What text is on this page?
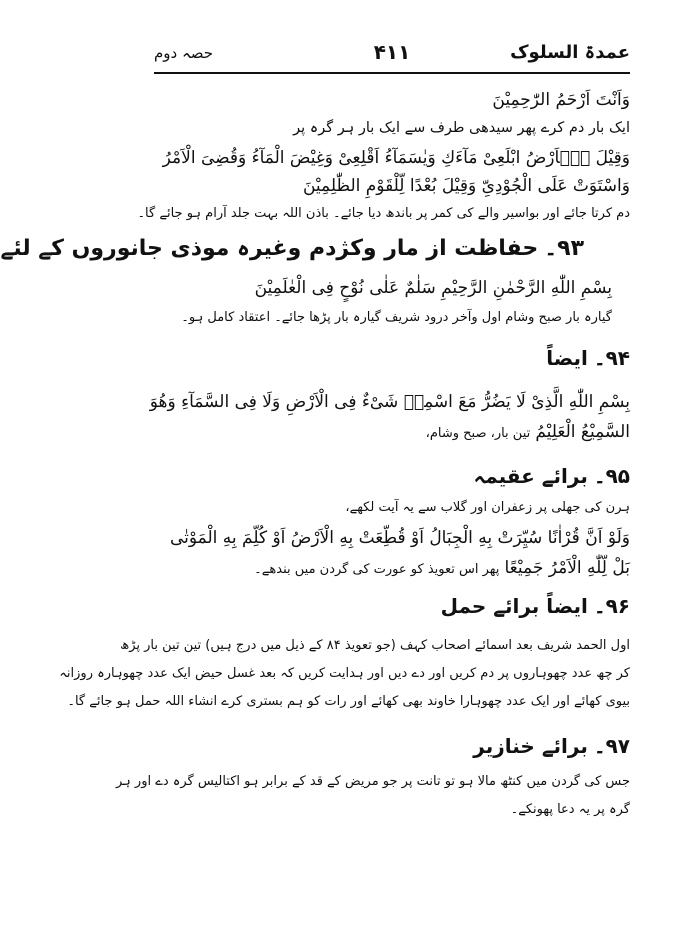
عمدۃ السلوک
۴۱۱
حصہ دوم
وَاَنْتَ اَرْحَمُ الرّٰحِمِیْنَ
ایک بار دم کرے پھر سیدھی طرف سے ایک بار ہر گرہ پر
وَقِیْلَ یٰۤاَرْضُ ابْلَعِیْ مَآءَكِ وَیٰسَمَآءُ اَقْلِعِیْ وَغِیْضَ الْمَآءُ وَقُضِیَ الْاَمْرُ
وَاسْتَوَتْ عَلَی الْجُوْدِیِّ وَقِیْلَ بُعْدًا لِّلْقَوْمِ الظّٰلِمِیْنَ
دم کرتا جائے اور بواسیر والے کی کمر پر باندھ دیا جائے۔ باذن اللہ بہت جلد آرام ہو جائے گا۔
۹۳۔حفاظت از مار وکژدم وغیرہ موذی جانوروں کے لئے
بِسْمِ اللّٰهِ الرَّحْمٰنِ الرَّحِیْمِ سَلٰمٌ عَلٰی نُوْحٍ فِی الْعٰلَمِیْنَ
گیارہ بار صبح وشام اول وآخر درود شریف گیارہ بار پڑھا جائے۔ اعتقاد کامل ہو۔
۹۴۔ایضاً
بِسْمِ اللّٰهِ الَّذِیْ لَا یَضُرُّ مَعَ اسْمِهٖ شَیْءٌ فِی الْاَرْضِ وَلَا فِی السَّمَآءِ وَهُوَ
السَّمِیْعُ الْعَلِیْمُ تین بار، صبح وشام،
۹۵۔برائے عقیمہ
ہرن کی جھلی پر زعفران اور گلاب سے یہ آیت لکھے،
وَلَوْ اَنَّ قُرْاٰنًا سُیِّرَتْ بِهِ الْجِبَالُ اَوْ قُطِّعَتْ بِهِ الْاَرْضُ اَوْ كُلِّمَ بِهِ الْمَوْتٰی
بَلْ لِّلّٰهِ الْاَمْرُ جَمِیْعًا پھر اس تعویذ کو عورت کی گردن میں بندھے۔
۹۶۔ایضاً برائے حمل
اول الحمد شریف بعد اسمائے اصحاب کہف (جو تعویذ ۸۴ کے ذیل میں درج ہیں) تین تین بار پڑھ
کر چھ عدد چھوہاروں پر دم کریں اور دے دیں اور ہدایت کریں کہ بعد غسل حیض ایک عدد چھوہارہ روزانہ
بیوی کھائے اور ایک عدد چھوہارا خاوند بھی کھائے اور رات کو ہم بستری کرے انشاء اللہ حمل ہو جائے گا۔
۹۷۔برائے خنازیر
جس کی گردن میں کنٹھ مالا ہو تو تانت پر جو مریض کے قد کے برابر ہو اکتالیس گرہ دے اور ہر
گرہ پر یہ دعا پھونکے۔
